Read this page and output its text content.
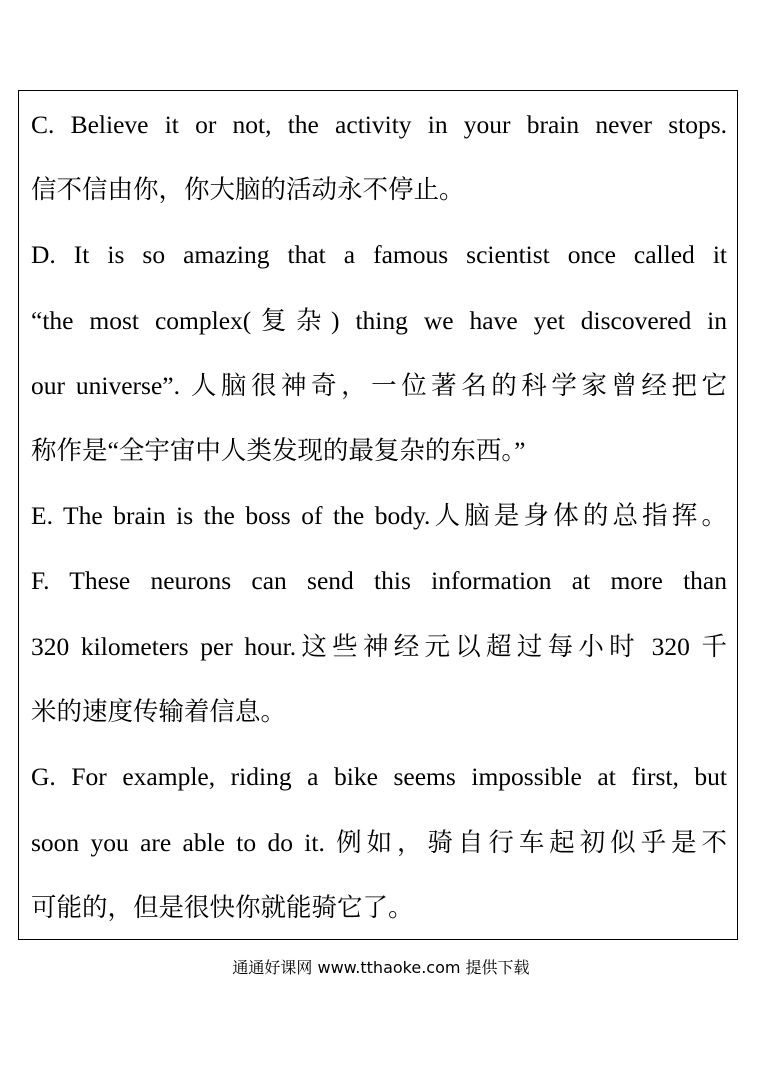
C. Believe it or not, the activity in your brain never stops.
信不信由你，你大脑的活动永不停止。
D. It is so amazing that a famous scientist once called it
“the most complex(复杂) thing we have yet discovered in
our universe”. 人脑很神奇，一位著名的科学家曾经把它
称作是“全宇宙中人类发现的最复杂的东西。”
E. The brain is the boss of the body.人脑是身体的总指挥。
F. These neurons can send this information at more than
320 kilometers per hour.这些神经元以超过每小时 320 千
米的速度传输着信息。
G. For example, riding a bike seems impossible at first, but
soon you are able to do it. 例如，骑自行车起初似乎是不
可能的，但是很快你就能骑它了。
通通好课网 www.tthaoke.com 提供下载
